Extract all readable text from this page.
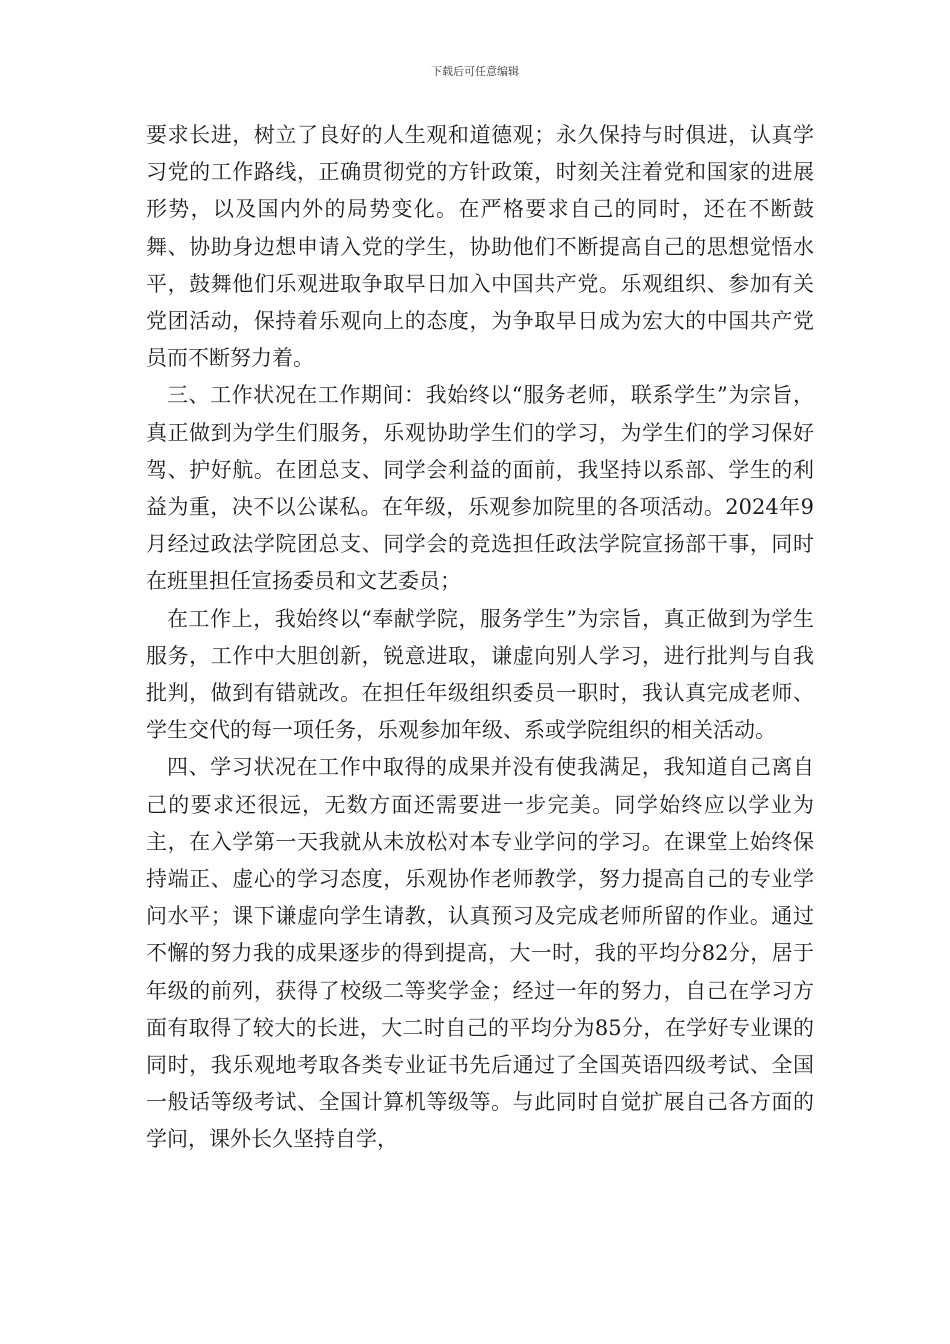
下载后可任意编辑

要求长进，树立了良好的人生观和道德观；永久保持与时俱进，认真学习党的工作路线，正确贯彻党的方针政策，时刻关注着党和国家的进展形势，以及国内外的局势变化。在严格要求自己的同时，还在不断鼓舞、协助身边想申请入党的学生，协助他们不断提高自己的思想觉悟水平，鼓舞他们乐观进取争取早日加入中国共产党。乐观组织、参加有关党团活动，保持着乐观向上的态度，为争取早日成为宏大的中国共产党员而不断努力着。

三、工作状况在工作期间：我始终以“服务老师，联系学生”为宗旨，真正做到为学生们服务，乐观协助学生们的学习，为学生们的学习保好驾、护好航。在团总支、同学会利益的面前，我坚持以系部、学生的利益为重，决不以公谋私。在年级，乐观参加院里的各项活动。2024年9月经过政法学院团总支、同学会的竞选担任政法学院宣扬部干事，同时在班里担任宣扬委员和文艺委员；

在工作上，我始终以“奉献学院，服务学生”为宗旨，真正做到为学生服务，工作中大胆创新，锐意进取，谦虚向别人学习，进行批判与自我批判，做到有错就改。在担任年级组织委员一职时，我认真完成老师、学生交代的每一项任务，乐观参加年级、系或学院组织的相关活动。

四、学习状况在工作中取得的成果并没有使我满足，我知道自己离自己的要求还很远，无数方面还需要进一步完美。同学始终应以学业为主，在入学第一天我就从未放松对本专业学问的学习。在课堂上始终保持端正、虚心的学习态度，乐观协作老师教学，努力提高自己的专业学问水平；课下谦虚向学生请教，认真预习及完成老师所留的作业。通过不懈的努力我的成果逐步的得到提高，大一时，我的平均分82分，居于年级的前列，获得了校级二等奖学金；经过一年的努力，自己在学习方面有取得了较大的长进，大二时自己的平均分为85分，在学好专业课的同时，我乐观地考取各类专业证书先后通过了全国英语四级考试、全国一般话等级考试、全国计算机等级等。与此同时自觉扩展自己各方面的学问，课外长久坚持自学，
